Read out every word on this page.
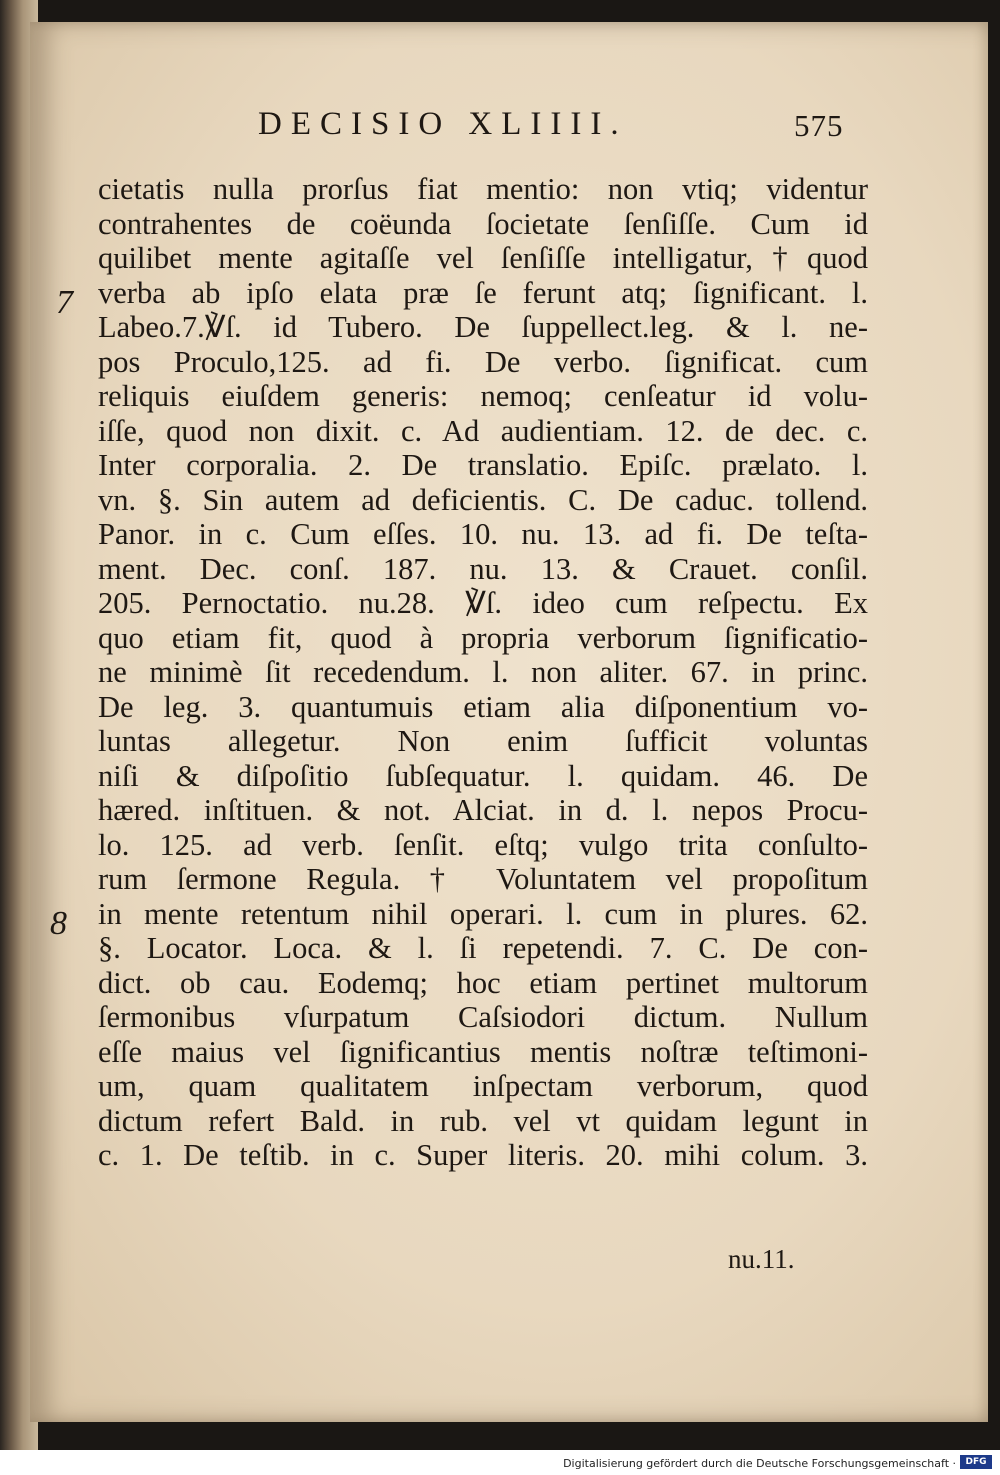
DECISIO XLIIII.	575
7
8
cietatis nulla prorſus fiat mentio: non vtiq; videntur
contrahentes de coëunda ſocietate ſenſiſſe. Cum id
quilibet mente agitaſſe vel ſenſiſſe intelligatur,†quod
verba ab ipſo elata præ ſe ferunt atq; ſignificant. l.
Labeo.7.℣ſ. id Tubero. De ſuppellect.leg. & l. ne-
pos Proculo,125. ad fi. De verbo. ſignificat. cum
reliquis eiuſdem generis: nemoq; cenſeatur id volu-
iſſe, quod non dixit. c. Ad audientiam. 12. de dec. c.
Inter corporalia. 2. De translatio. Epiſc. prælato. l.
vn. §. Sin autem ad deficientis. C. De caduc. tollend.
Panor. in c. Cum eſſes. 10. nu. 13. ad fi. De teſta-
ment. Dec. conſ. 187. nu. 13. & Crauet. conſil.
205. Pernoctatio. nu.28. ℣ſ. ideo cum reſpectu. Ex
quo etiam fit, quod à propria verborum ſignificatio-
ne minimè ſit recedendum. l. non aliter. 67. in princ.
De leg. 3. quantumuis etiam alia diſponentium vo-
luntas allegetur. Non enim ſufficit voluntas
niſi & diſpoſitio ſubſequatur. l. quidam. 46. De
hæred. inſtituen. & not. Alciat. in d. l. nepos Procu-
lo. 125. ad verb. ſenſit. eſtq; vulgo trita conſulto-
rum ſermone Regula. † Voluntatem vel propoſitum
in mente retentum nihil operari. l. cum in plures. 62.
§. Locator. Loca. & l. ſi repetendi. 7. C. De con-
dict. ob cau. Eodemq; hoc etiam pertinet multorum
ſermonibus vſurpatum Caſsiodori dictum. Nullum
eſſe maius vel ſignificantius mentis noſtræ teſtimoni-
um, quam qualitatem inſpectam verborum, quod
dictum refert Bald. in rub. vel vt quidam legunt in
c. 1. De teſtib. in c. Super literis. 20. mihi colum. 3.
nu.11.
Digitalisierung gefördert durch die Deutsche Forschungsgemeinschaft ·	DFG
